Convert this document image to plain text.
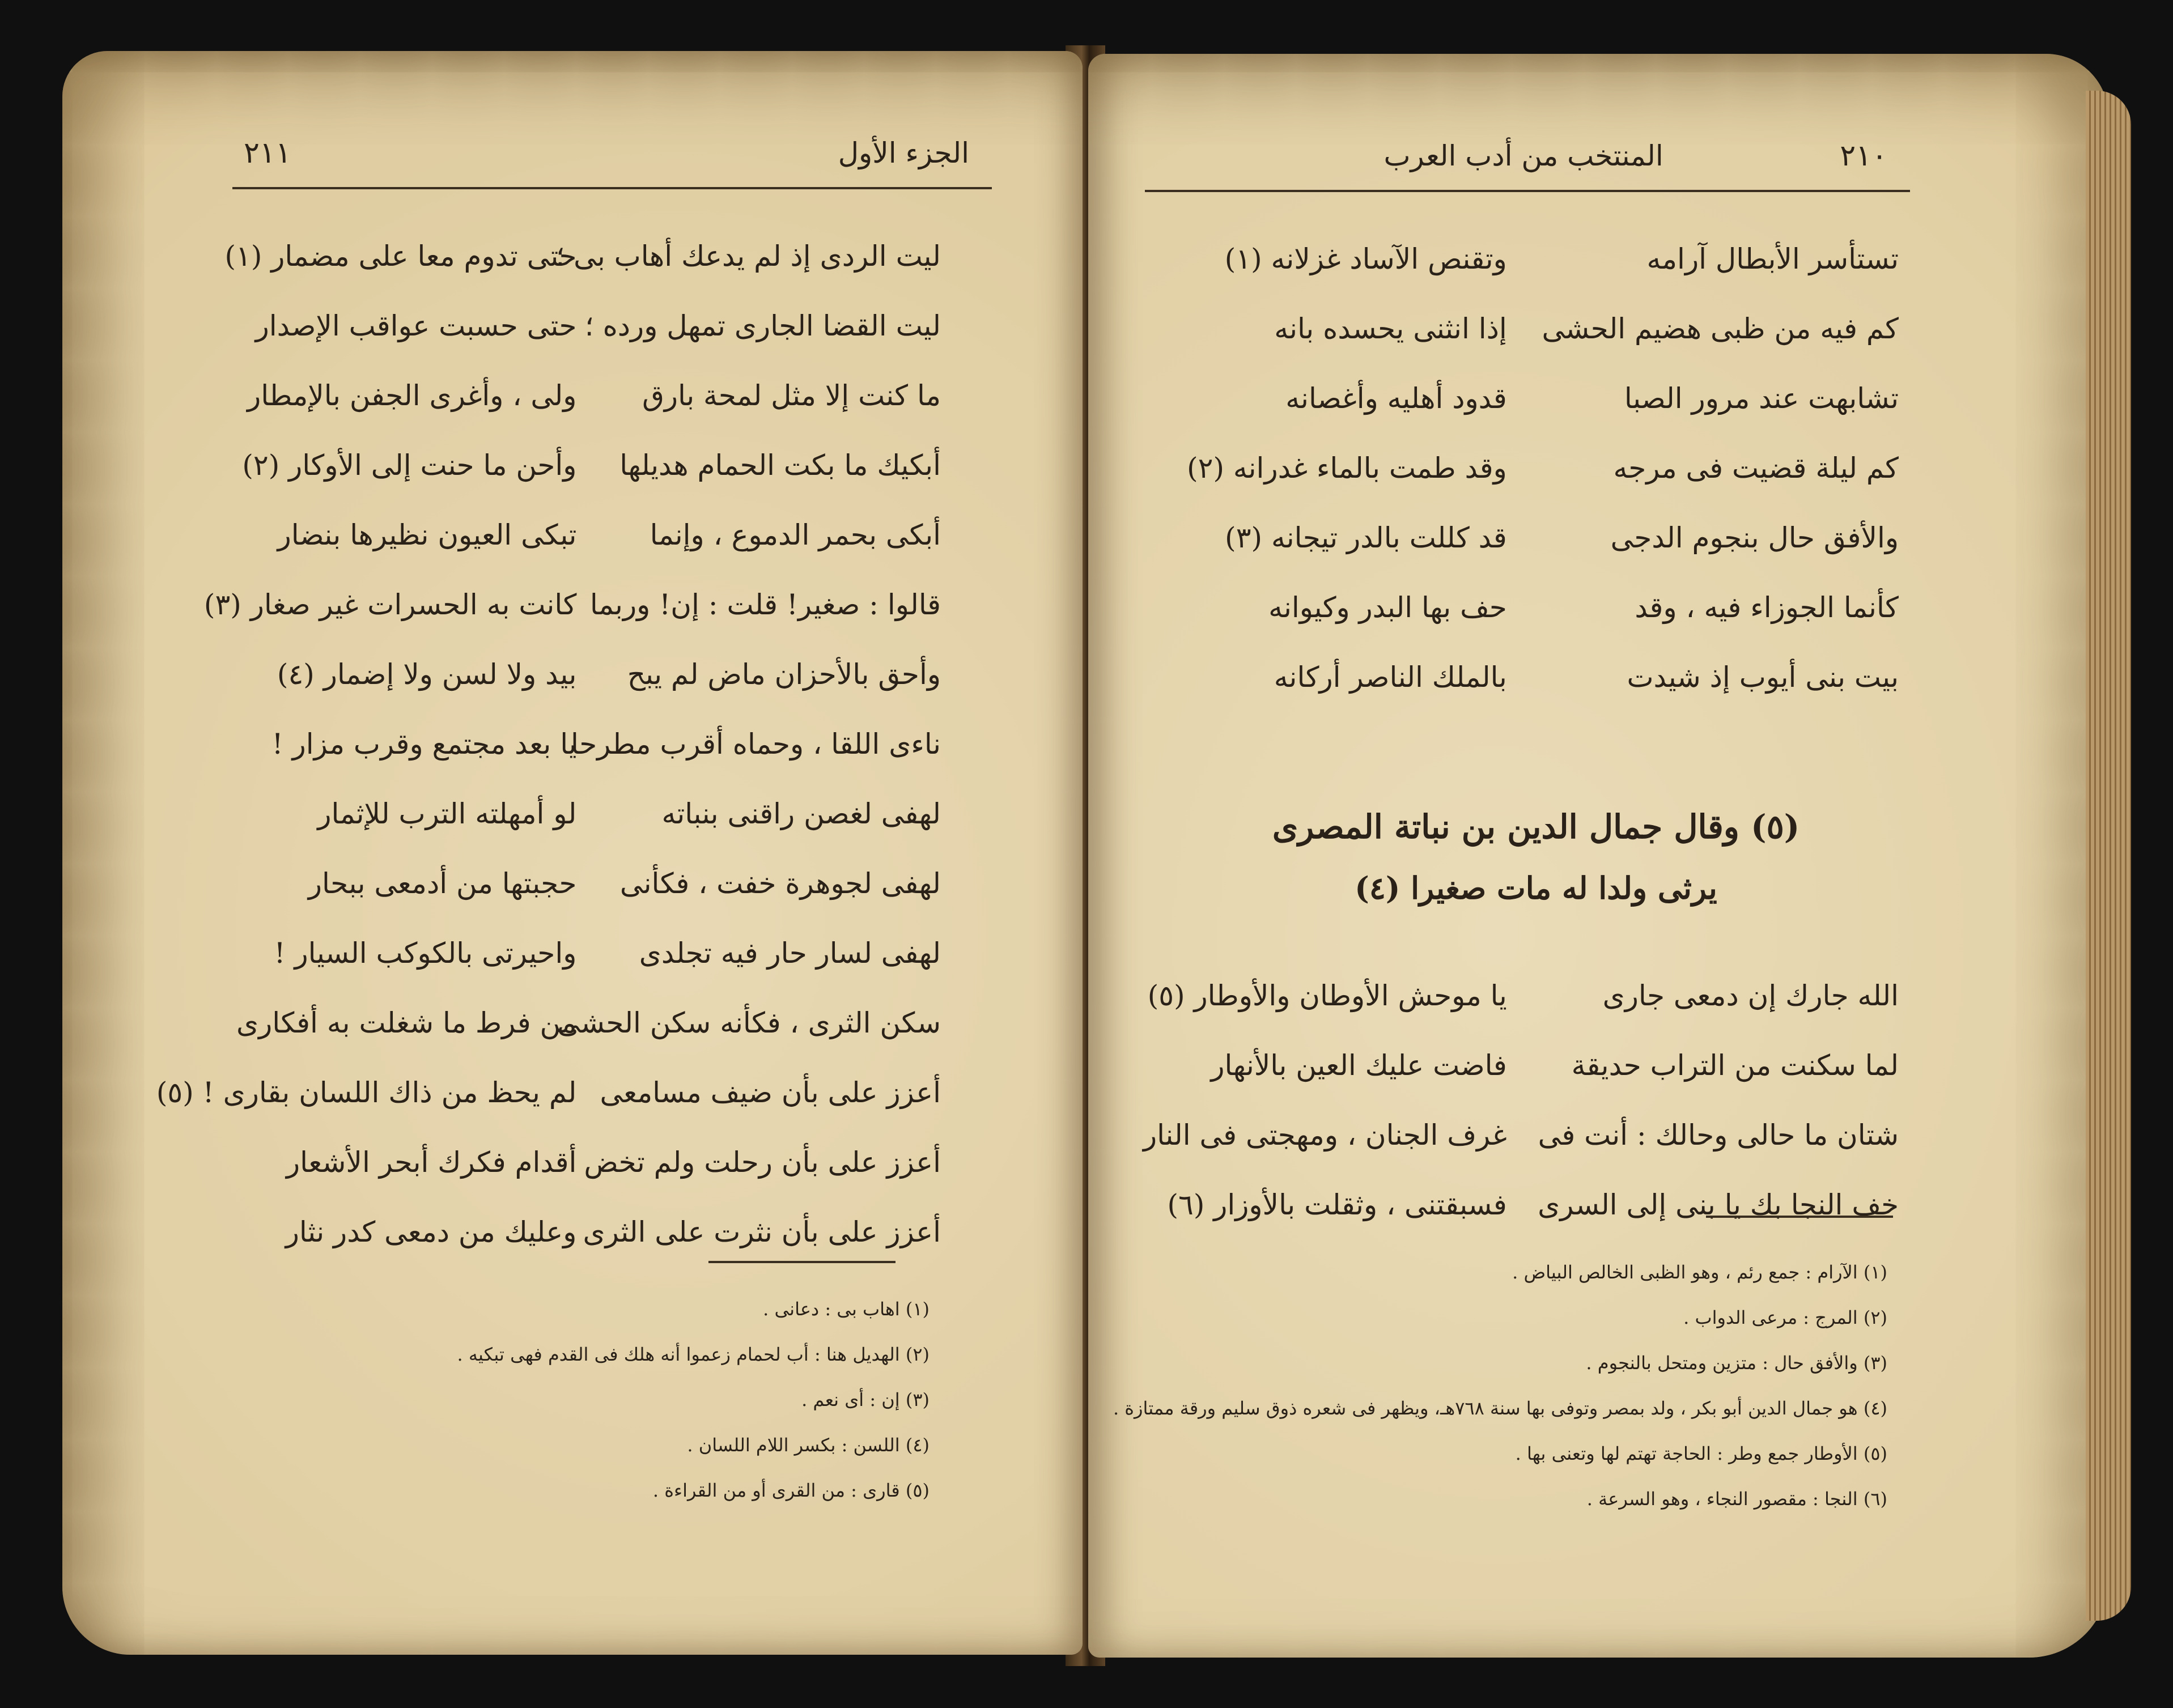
الجزء الأول
٢١١
ليت الردى إذ لم يدعك أهاب بى ؛
حتى تدوم معا على مضمار (١)
ليت القضا الجارى تمهل ورده ؛
حتى حسبت عواقب الإصدار
ما كنت إلا مثل لمحة بارق
ولى ، وأغرى الجفن بالإمطار
أبكيك ما بكت الحمام هديلها
وأحن ما حنت إلى الأوكار (٢)
أبكى بحمر الدموع ، وإنما
تبكى العيون نظيرها بنضار
قالوا : صغير! قلت : إن! وربما
كانت به الحسرات غير صغار (٣)
وأحق بالأحزان ماض لم يبح
بيد ولا لسن ولا إضمار (٤)
ناءى اللقا ، وحماه أقرب مطرحا
يا بعد مجتمع وقرب مزار !
لهفى لغصن راقنى بنباته
لو أمهلته الترب للإثمار
لهفى لجوهرة خفت ، فكأنى
حجبتها من أدمعى ببحار
لهفى لسار حار فيه تجلدى
واحيرتى بالكوكب السيار !
سكن الثرى ، فكأنه سكن الحشى
من فرط ما شغلت به أفكارى
أعزز على بأن ضيف مسامعى
لم يحظ من ذاك اللسان بقارى ! (٥)
أعزز على بأن رحلت ولم تخض
أقدام فكرك أبحر الأشعار
أعزز على بأن نثرت على الثرى
وعليك من دمعى كدر نثار
(١) اهاب بى : دعانى .
(٢) الهديل هنا : أب لحمام زعموا أنه هلك فى القدم فهى تبكيه .
(٣) إن : أى نعم .
(٤) اللسن : بكسر اللام اللسان .
(٥) قارى : من القرى أو من القراءة .
٢١٠
المنتخب من أدب العرب
تستأسر الأبطال آرامه
وتقنص الآساد غزلانه (١)
كم فيه من ظبى هضيم الحشى
إذا انثنى يحسده بانه
تشابهت عند مرور الصبا
قدود أهليه وأغصانه
كم ليلة قضيت فى مرجه
وقد طمت بالماء غدرانه (٢)
والأفق حال بنجوم الدجى
قد كللت بالدر تيجانه (٣)
كأنما الجوزاء فيه ، وقد
حف بها البدر وكيوانه
بيت بنى أيوب إذ شيدت
بالملك الناصر أركانه
(٥) وقال جمال الدين بن نباتة المصرى
يرثى ولدا له مات صغيرا (٤)
الله جارك إن دمعى جارى
يا موحش الأوطان والأوطار (٥)
لما سكنت من التراب حديقة
فاضت عليك العين بالأنهار
شتان ما حالى وحالك : أنت فى
غرف الجنان ، ومهجتى فى النار
خف النجا بك يا بنى إلى السرى
فسبقتنى ، وثقلت بالأوزار (٦)
(١) الآرام : جمع رئم ، وهو الظبى الخالص البياض .
(٢) المرج : مرعى الدواب .
(٣) والأفق حال : متزين ومتحل بالنجوم .
(٤) هو جمال الدين أبو بكر ، ولد بمصر وتوفى بها سنة ٧٦٨هـ، ويظهر فى شعره ذوق سليم ورقة ممتازة .
(٥) الأوطار جمع وطر : الحاجة تهتم لها وتعنى بها .
(٦) النجا : مقصور النجاء ، وهو السرعة .
